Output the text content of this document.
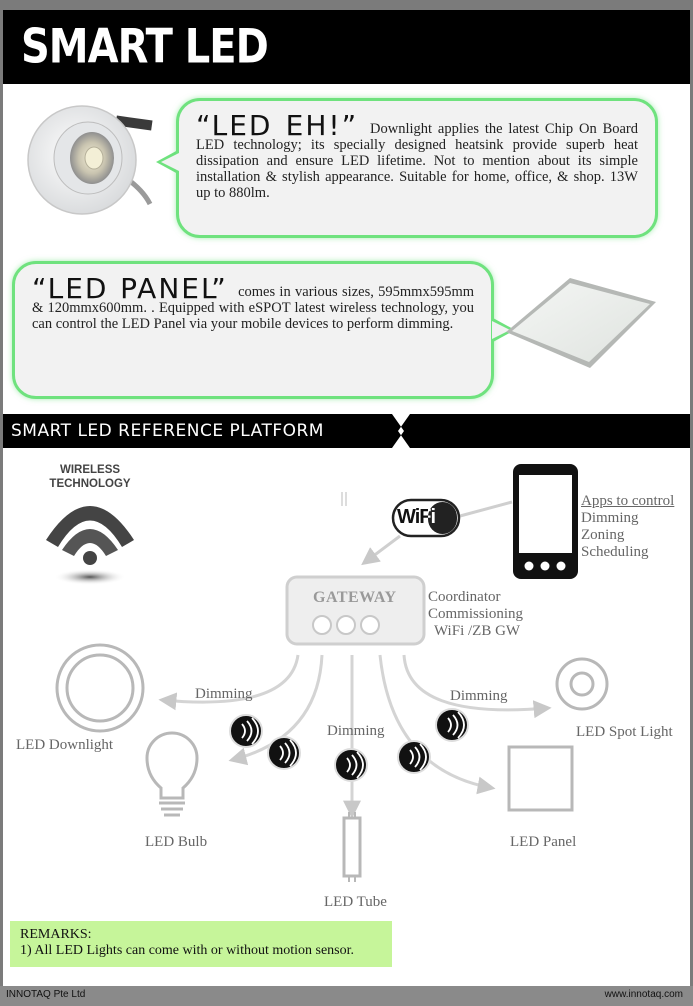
SMART LED
“LED EH!” Downlight applies the latest Chip On Board LED technology; its specially designed heatsink provide superb heat dissipation and ensure LED lifetime. Not to mention about its simple installation & stylish appearance. Suitable for home, office, & shop. 13W up to 880lm.
“LED PANEL” comes in various sizes, 595mmx595mm & 120mmx600mm. . Equipped with eSPOT latest wireless technology, you can control the LED Panel via your mobile devices to perform dimming.
SMART LED REFERENCE PLATFORM
WIRELESS
TECHNOLOGY
WiFi
Apps to control
Dimming
Zoning
Scheduling
GATEWAY Coordinator
Commissioning
WiFi /ZB GW
Dimming
Dimming
Dimming
LED Downlight
LED Bulb
LED Tube
LED Panel
LED Spot Light
REMARKS:
1) All LED Lights can come with or without motion sensor.
INNOTAQ Pte Ltd	www.innotaq.com
